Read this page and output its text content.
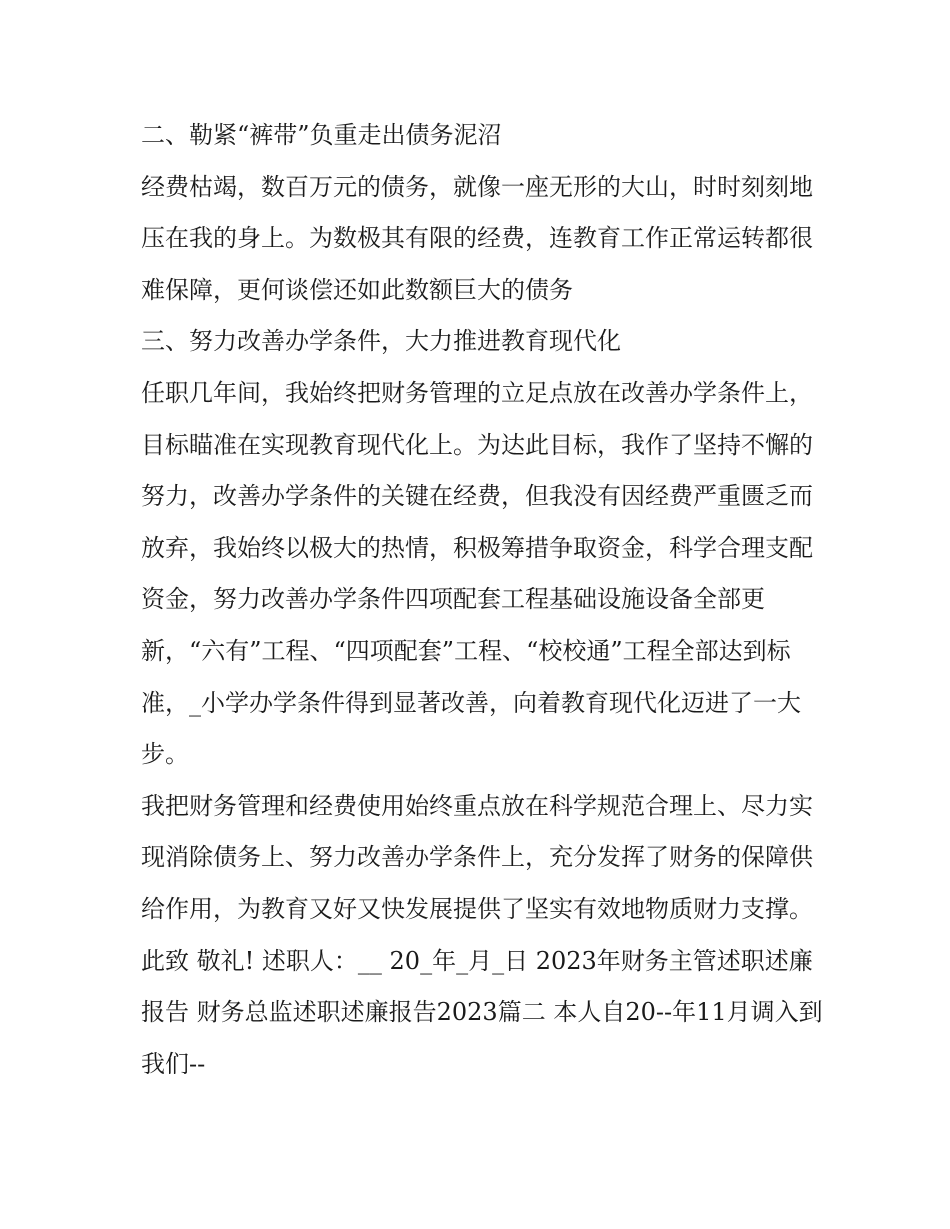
二、勒紧“裤带”负重走出债务泥沼

经费枯竭，数百万元的债务，就像一座无形的大山，时时刻刻地压在我的身上。为数极其有限的经费，连教育工作正常运转都很难保障，更何谈偿还如此数额巨大的债务

三、努力改善办学条件，大力推进教育现代化

任职几年间，我始终把财务管理的立足点放在改善办学条件上，目标瞄准在实现教育现代化上。为达此目标，我作了坚持不懈的努力，改善办学条件的关键在经费，但我没有因经费严重匮乏而放弃，我始终以极大的热情，积极筹措争取资金，科学合理支配资金，努力改善办学条件四项配套工程基础设施设备全部更新，“六有”工程、“四项配套”工程、“校校通”工程全部达到标准，_小学办学条件得到显著改善，向着教育现代化迈进了一大步。

我把财务管理和经费使用始终重点放在科学规范合理上、尽力实现消除债务上、努力改善办学条件上，充分发挥了财务的保障供给作用，为教育又好又快发展提供了坚实有效地物质财力支撑。

此致 敬礼! 述职人：__ 20_年_月_日 2023年财务主管述职述廉报告 财务总监述职述廉报告2023篇二 本人自20--年11月调入到我们--
